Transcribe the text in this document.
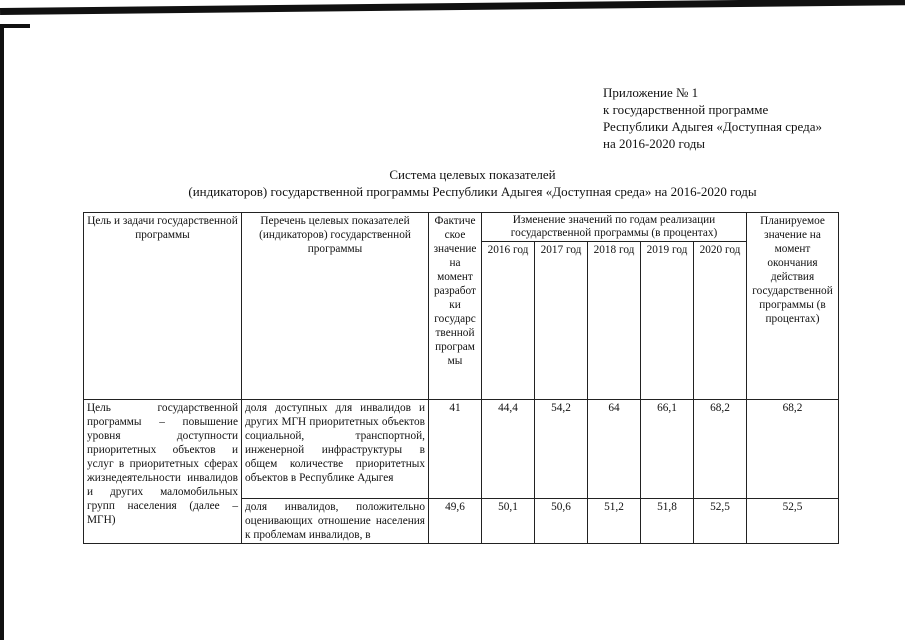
Приложение № 1
к государственной программе
Республики Адыгея «Доступная среда»
на 2016-2020 годы
Система целевых показателей
(индикаторов) государственной программы Республики Адыгея «Доступная среда» на 2016-2020 годы
Цель и задачи государственной программы	Перечень целевых показателей (индикаторов) государственной программы	Фактическое значение на момент разработки государственной программы	Изменение значений по годам реализации государственной программы (в процентах)					Планируемое значение на момент окончания действия государственной программы (в процентах)
			2016 год	2017 год	2018 год	2019 год	2020 год	
Цель государственной программы – повышение уровня доступности приоритетных объектов и услуг в приоритетных сферах жизнедеятельности инвалидов и других маломобильных групп населения (далее – МГН)	доля доступных для инвалидов и других МГН приоритетных объектов социальной, транспортной, инженерной инфраструктуры в общем количестве приоритетных объектов в Республике Адыгея	41	44,4	54,2	64	66,1	68,2	68,2
	доля инвалидов, положительно оценивающих отношение населения к проблемам инвалидов, в	49,6	50,1	50,6	51,2	51,8	52,5	52,5
